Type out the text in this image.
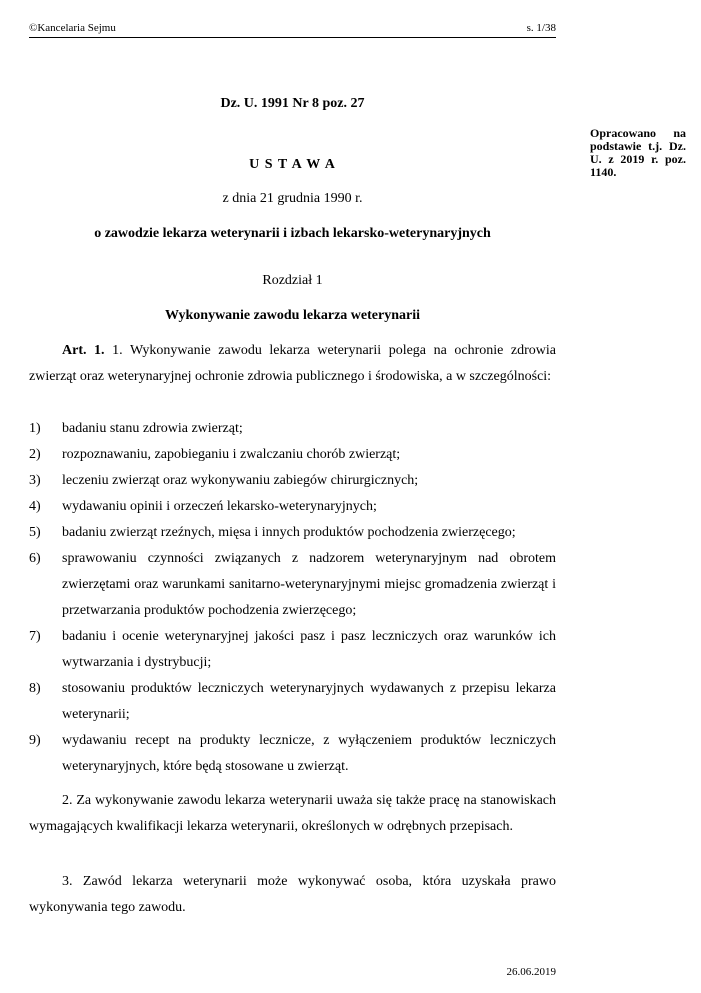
©Kancelaria Sejmu	s. 1/38
Dz. U. 1991 Nr 8 poz. 27
Opracowano na podstawie t.j. Dz. U. z 2019 r. poz. 1140.
U S T A W A
z dnia 21 grudnia 1990 r.
o zawodzie lekarza weterynarii i izbach lekarsko-weterynaryjnych
Rozdział 1
Wykonywanie zawodu lekarza weterynarii
Art. 1. 1. Wykonywanie zawodu lekarza weterynarii polega na ochronie zdrowia zwierząt oraz weterynaryjnej ochronie zdrowia publicznego i środowiska, a w szczególności:
1) badaniu stanu zdrowia zwierząt;
2) rozpoznawaniu, zapobieganiu i zwalczaniu chorób zwierząt;
3) leczeniu zwierząt oraz wykonywaniu zabiegów chirurgicznych;
4) wydawaniu opinii i orzeczeń lekarsko-weterynaryjnych;
5) badaniu zwierząt rzeźnych, mięsa i innych produktów pochodzenia zwierzęcego;
6) sprawowaniu czynności związanych z nadzorem weterynaryjnym nad obrotem zwierzętami oraz warunkami sanitarno-weterynaryjnymi miejsc gromadzenia zwierząt i przetwarzania produktów pochodzenia zwierzęcego;
7) badaniu i ocenie weterynaryjnej jakości pasz i pasz leczniczych oraz warunków ich wytwarzania i dystrybucji;
8) stosowaniu produktów leczniczych weterynaryjnych wydawanych z przepisu lekarza weterynarii;
9) wydawaniu recept na produkty lecznicze, z wyłączeniem produktów leczniczych weterynaryjnych, które będą stosowane u zwierząt.
2. Za wykonywanie zawodu lekarza weterynarii uważa się także pracę na stanowiskach wymagających kwalifikacji lekarza weterynarii, określonych w odrębnych przepisach.
3. Zawód lekarza weterynarii może wykonywać osoba, która uzyskała prawo wykonywania tego zawodu.
26.06.2019
